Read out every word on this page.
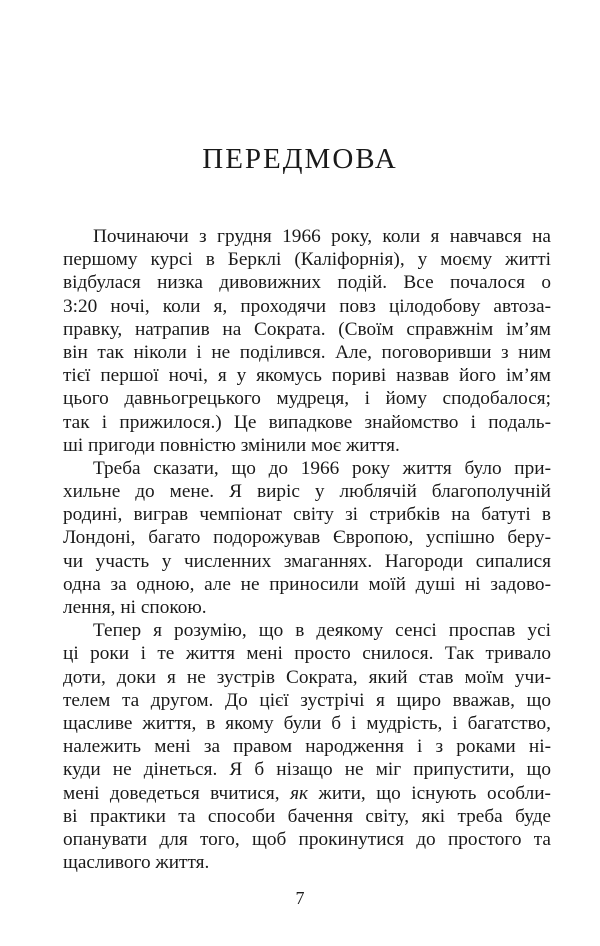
ПЕРЕДМОВА
Починаючи з грудня 1966 року, коли я навчався на
першому курсі в Берклі (Каліфорнія), у моєму житті
відбулася низка дивовижних подій. Все почалося о
3:20 ночі, коли я, проходячи повз цілодобову автоза-
правку, натрапив на Сократа. (Своїм справжнім ім’ям
він так ніколи і не поділився. Але, поговоривши з ним
тієї першої ночі, я у якомусь пориві назвав його ім’ям
цього давньогрецького мудреця, і йому сподобалося;
так і прижилося.) Це випадкове знайомство і подаль-
ші пригоди повністю змінили моє життя.
Треба сказати, що до 1966 року життя було при-
хильне до мене. Я виріс у люблячій благополучній
родині, виграв чемпіонат світу зі стрибків на батуті в
Лондоні, багато подорожував Європою, успішно беру-
чи участь у численних змаганнях. Нагороди сипалися
одна за одною, але не приносили моїй душі ні задово-
лення, ні спокою.
Тепер я розумію, що в деякому сенсі проспав усі
ці роки і те життя мені просто снилося. Так тривало
доти, доки я не зустрів Сократа, який став моїм учи-
телем та другом. До цієї зустрічі я щиро вважав, що
щасливе життя, в якому були б і мудрість, і багатство,
належить мені за правом народження і з роками ні-
куди не дінеться. Я б нізащо не міг припустити, що
мені доведеться вчитися, як жити, що існують особли-
ві практики та способи бачення світу, які треба буде
опанувати для того, щоб прокинутися до простого та
щасливого життя.
7
